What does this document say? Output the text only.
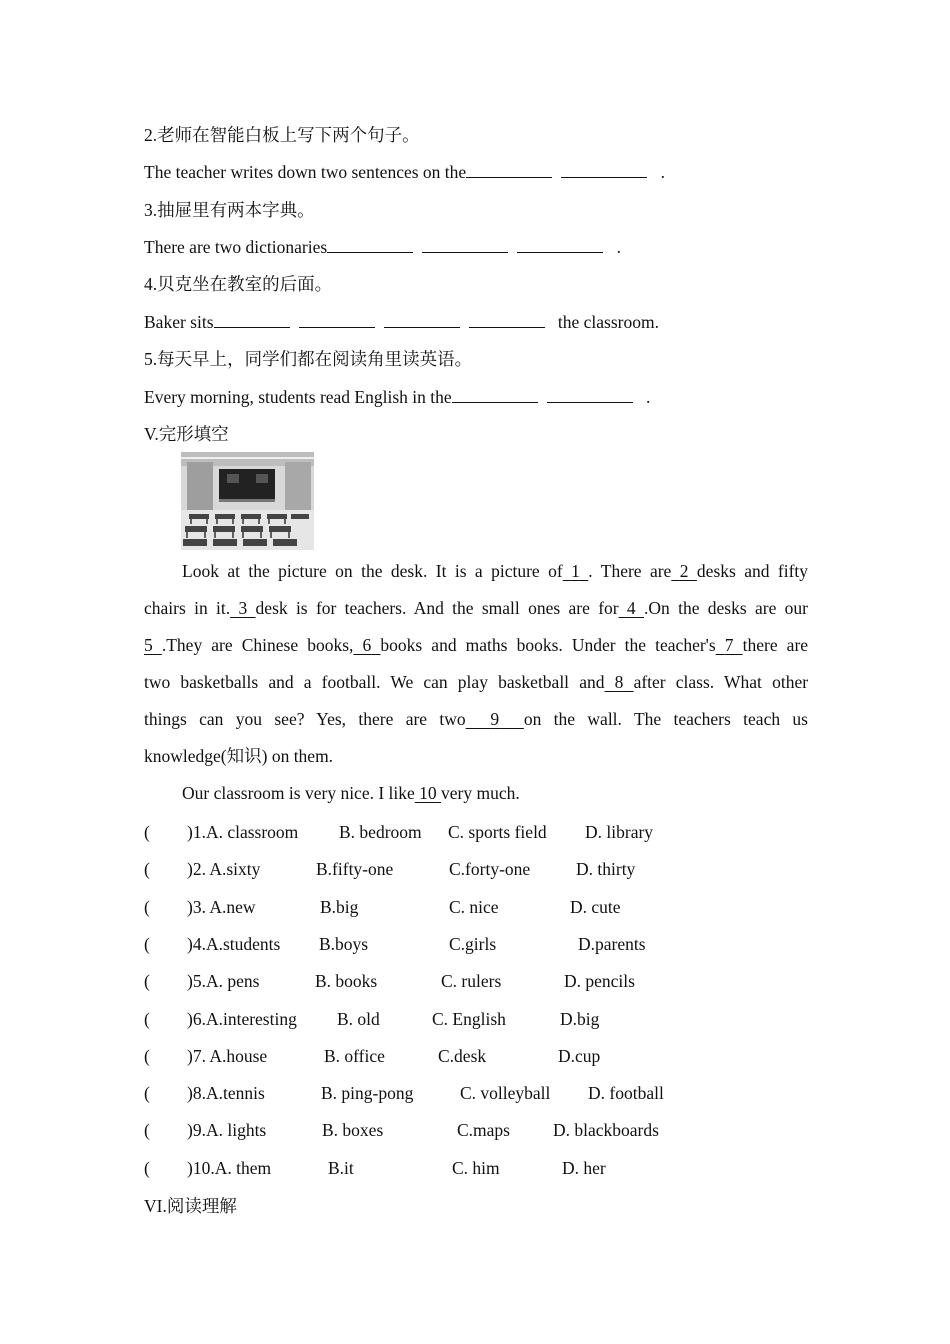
2.老师在智能白板上写下两个句子。
The teacher writes down two sentences on the	.
3.抽屉里有两本字典。
There are two dictionaries	.
4.贝克坐在教室的后面。
Baker sits	the classroom.
5.每天早上，同学们都在阅读角里读英语。
Every morning, students read English in the	.
V.完形填空
Look at the picture on the desk. It is a picture of 1 . There are 2 desks and fifty
chairs in it. 3 desk is for teachers. And the small ones are for 4 .On the desks are our
5 .They are Chinese books, 6 books and maths books. Under the teacher's 7 there are
two basketballs and a football. We can play basketball and 8 after class. What other
things can you see? Yes, there are two 9 on the wall. The teachers teach us
knowledge(知识) on them.
Our classroom is very nice. I like 10 very much.
( )1.A. classroom B. bedroom C. sports field D. library
( )2. A.sixty	B.fifty-one	C.forty-one	D. thirty
( )3. A.new	B.big	C. nice	D. cute
( )4.A.students B.boys	C.girls	D.parents
( )5.A. pens	B. books	C. rulers	D. pencils
( )6.A.interesting B. old	C. English	D.big
( )7. A.house	B. office	C.desk	D.cup
( )8.A.tennis	B. ping-pong	C. volleyball D. football
( )9.A. lights	B. boxes	C.maps D. blackboards
( )10.A. them	B.it	C. him	D. her
VI.阅读理解
